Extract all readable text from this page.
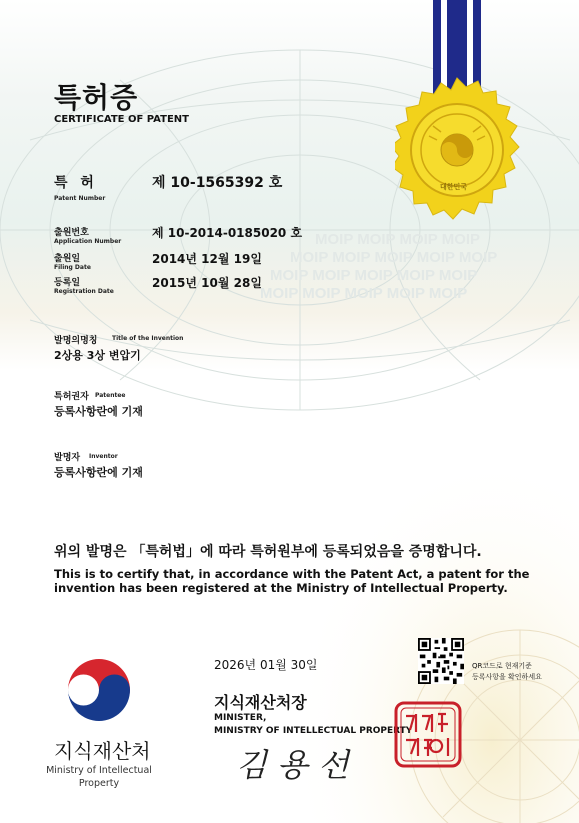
MOIP MOIP MOIP MOIP
MOIP MOIP MOIP MOIP MOIP
MOIP MOIP MOIP MOIP MOIP
MOIP MOIP MOIP MOIP MOIP
대한민국
특허증
CERTIFICATE OF PATENT
특 허
Patent Number
제 10-1565392 호
출원번호
Application Number
제 10-2014-0185020 호
출원일
Filing Date
2014년 12월 19일
등록일
Registration Date
2015년 10월 28일
발명의명칭 Title of the Invention
2상용 3상 변압기
특허권자 Patentee
등록사항란에 기재
발명자 Inventor
등록사항란에 기재
위의 발명은 「특허법」에 따라 특허원부에 등록되었음을 증명합니다.
This is to certify that, in accordance with the Patent Act, a patent for the invention has been registered at the Ministry of Intellectual Property.
2026년 01월 30일	QR코드로 현재기준
등록사항을 확인하세요
지식재산처장
MINISTER,
MINISTRY OF INTELLECTUAL PROPERTY
김용선
지식재산처
Ministry of Intellectual Property
